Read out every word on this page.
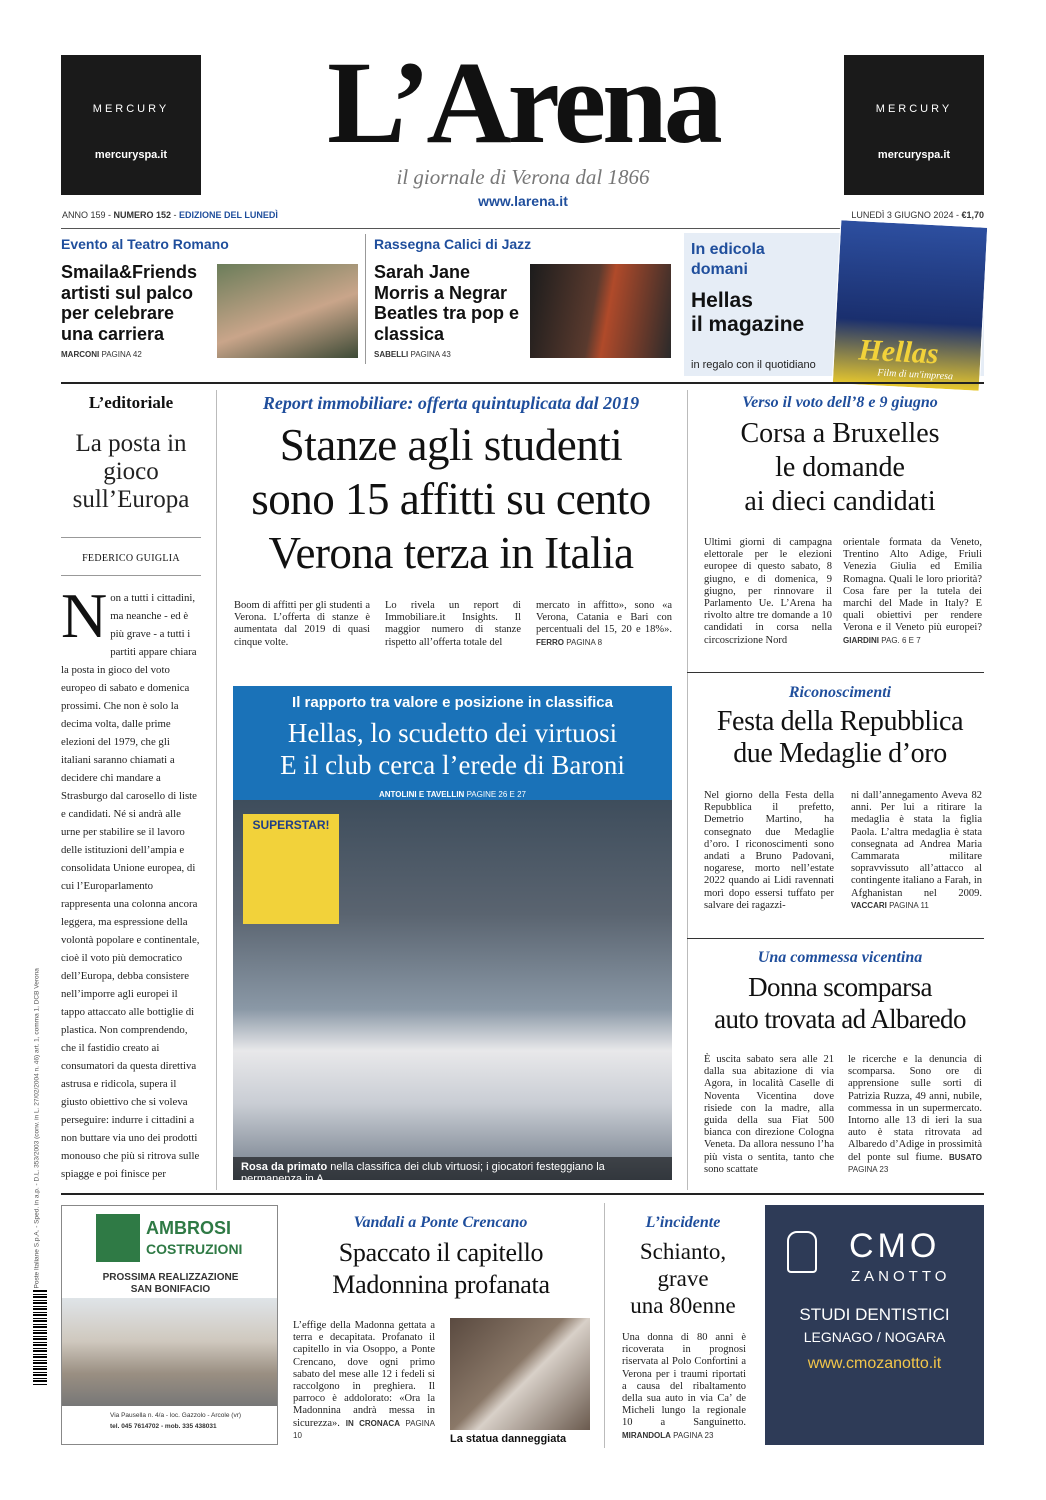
MERCURY
mercuryspa.it
MERCURY
mercuryspa.it
L’Arena
il giornale di Verona dal 1866
www.larena.it
ANNO 159 - NUMERO 152 - EDIZIONE DEL LUNEDÌ	LUNEDÌ 3 GIUGNO 2024 - €1,70
Evento al Teatro Romano
Smaila&Friends artisti sul palco per celebrare una carriera
MARCONI PAGINA 42
Rassegna Calici di Jazz
Sarah Jane Morris a Negrar Beatles tra pop e classica
SABELLI PAGINA 43
In edicola
domani
Hellas
il magazine
in regalo con il quotidiano Hellas
Film di un'impresa
L’editoriale
La posta in gioco sull’Europa
FEDERICO GUIGLIA
N on a tutti i cittadini, ma neanche - ed è più grave - a tutti i partiti appare chiara la posta in gioco del voto europeo di sabato e domenica prossimi. Che non è solo la decima volta, dalle prime elezioni del 1979, che gli italiani saranno chiamati a decidere chi mandare a Strasburgo dal carosello di liste e candidati. Né si andrà alle urne per stabilire se il lavoro delle istituzioni dell’ampia e consolidata Unione europea, di cui l’Europarlamento rappresenta una colonna ancora leggera, ma espressione della volontà popolare e continentale, cioè il voto più democratico dell’Europa, debba consistere nell’imporre agli europei il tappo attaccato alle bottiglie di plastica. Non comprendendo, che il fastidio creato ai consumatori da questa direttiva astrusa e ridicola, supera il giusto obiettivo che si voleva perseguire: indurre i cittadini a non buttare via uno dei prodotti monouso che più si ritrova sulle spiagge e poi finisce per
Report immobiliare: offerta quintuplicata dal 2019
Stanze agli studenti
sono 15 affitti su cento
Verona terza in Italia
Boom di affitti per gli studenti a Verona. L’offerta di stanze è aumentata dal 2019 di quasi cinque volte.
Lo rivela un report di Immobiliare.it Insights. Il maggior numero di stanze rispetto all’offerta totale del
mercato in affitto», sono «a Verona, Catania e Bari con percentuali del 15, 20 e 18%». FERRO PAGINA 8
Verso il voto dell’8 e 9 giugno
Corsa a Bruxelles
le domande
ai dieci candidati
Ultimi giorni di campagna elettorale per le elezioni europee di questo sabato, 8 giugno, e di domenica, 9 giugno, per rinnovare il Parlamento Ue. L’Arena ha rivolto altre tre domande a 10 candidati in corsa nella circoscrizione Nord
orientale formata da Veneto, Trentino Alto Adige, Friuli Venezia Giulia ed Emilia Romagna. Quali le loro priorità? Cosa fare per la tutela dei marchi del Made in Italy? E quali obiettivi per rendere Verona e il Veneto più europei? GIARDINI PAG. 6 E 7
Il rapporto tra valore e posizione in classifica
Hellas, lo scudetto dei virtuosi
E il club cerca l’erede di Baroni
ANTOLINI E TAVELLIN PAGINE 26 E 27
SUPERSTAR!
Rosa da primato nella classifica dei club virtuosi; i giocatori festeggiano la permanenza in A
Riconoscimenti
Festa della Repubblica
due Medaglie d’oro
Nel giorno della Festa della Repubblica il prefetto, Demetrio Martino, ha consegnato due Medaglie d’oro. I riconoscimenti sono andati a Bruno Padovani, nogarese, morto nell’estate 2022 quando ai Lidi ravennati morì dopo essersi tuffato per salvare dei ragazzi-
ni dall’annegamento Aveva 82 anni. Per lui a ritirare la medaglia è stata la figlia Paola. L’altra medaglia è stata consegnata ad Andrea Maria Cammarata militare sopravvissuto all’attacco al contingente italiano a Farah, in Afghanistan nel 2009. VACCARI PAGINA 11
Una commessa vicentina
Donna scomparsa
auto trovata ad Albaredo
È uscita sabato sera alle 21 dalla sua abitazione di via Agora, in località Caselle di Noventa Vicentina dove risiede con la madre, alla guida della sua Fiat 500 bianca con direzione Cologna Veneta. Da allora nessuno l’ha più vista o sentita, tanto che sono scattate
le ricerche e la denuncia di scomparsa. Sono ore di apprensione sulle sorti di Patrizia Ruzza, 49 anni, nubile, commessa in un supermercato. Intorno alle 13 di ieri la sua auto è stata ritrovata ad Albaredo d’Adige in prossimità del ponte sul fiume. BUSATO PAGINA 23
Poste Italiane S.p.A. - Sped. in a.p. - D.L. 353/2003 (conv. in L. 27/02/2004 n. 46) art. 1, comma 1, DCB Verona	AMBROSI
COSTRUZIONI
PROSSIMA REALIZZAZIONE
SAN BONIFACIO
Via Pausella n. 4/a - loc. Gazzolo - Arcole (vr)
tel. 045 7614702 - mob. 335 438031
Vandali a Ponte Crencano
Spaccato il capitello
Madonnina profanata
L’effige della Madonna gettata a terra e decapitata. Profanato il capitello in via Osoppo, a Ponte Crencano, dove ogni primo sabato del mese alle 12 i fedeli si raccolgono in preghiera. Il parroco è addolorato: «Ora la Madonnina andrà messa in sicurezza». IN CRONACA PAGINA 10	La statua danneggiata
L’incidente
Schianto,
grave
una 80enne
Una donna di 80 anni è ricoverata in prognosi riservata al Polo Confortini a Verona per i traumi riportati a causa del ribaltamento della sua auto in via Ca’ de Micheli lungo la regionale 10 a Sanguinetto. MIRANDOLA PAGINA 23
CMO
ZANOTTO
STUDI DENTISTICI
LEGNAGO / NOGARA
www.cmozanotto.it
